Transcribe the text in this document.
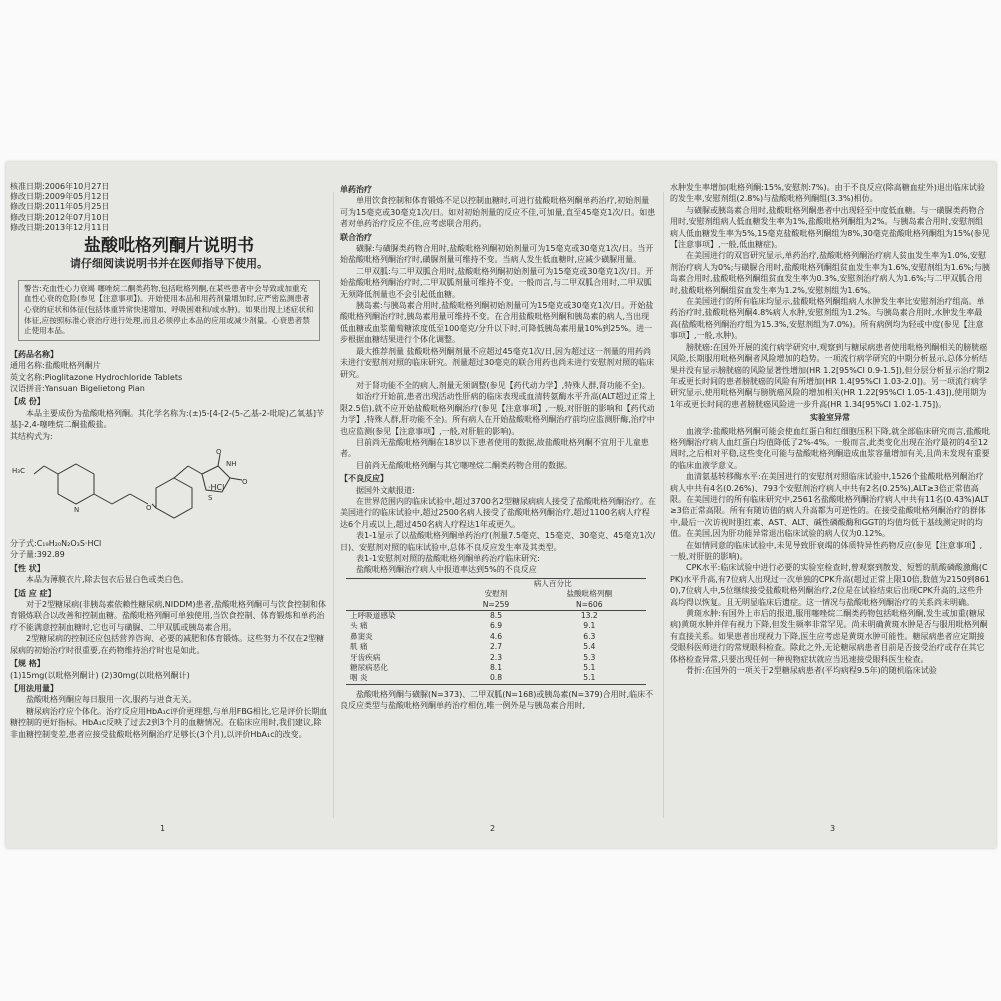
核准日期:2006年10月27日
修改日期:2009年05月12日
修改日期:2011年05月25日
修改日期:2012年07月10日
修改日期:2013年12月11日
盐酸吡格列酮片说明书
请仔细阅读说明书并在医师指导下使用。
警告:充血性心力衰竭 噻唑烷二酮类药物,包括吡格列酮,在某些患者中会导致或加重充血性心衰的危险(参见【注意事项】)。开始使用本品和用药剂量增加时,应严密监测患者心衰的症状和体征(包括体重异常快速增加、呼吸困难和/或水肿)。如果出现上述症状和体征,应按照标准心衰治疗进行处理,而且必须停止本品的应用或减少剂量。心衰患者禁止使用本品。
【药品名称】
通用名称:盐酸吡格列酮片
英文名称:Pioglitazone Hydrochloride Tablets
汉语拼音:Yansuan Bigelietong Pian
【成 份】
本品主要成份为盐酸吡格列酮。其化学名称为:(±)5-[4-[2-(5-乙基-2-吡啶)乙氧基]苄基]-2,4-噻唑烷二酮盐酸盐。
其结构式为:
N	O
S
NH
O
O
H₃C
·HCl
分子式:C₁₉H₂₀N₂O₃S·HCl
分子量:392.89
【性 状】
本品为薄膜衣片,除去包衣后显白色或类白色。
【适 应 症】
对于2型糖尿病(非胰岛素依赖性糖尿病,NIDDM)患者,盐酸吡格列酮可与饮食控制和体育锻炼联合以改善和控制血糖。盐酸吡格列酮可单独使用,当饮食控制、体育锻炼和单药治疗不能满意控制血糖时,它也可与磺脲、二甲双胍或胰岛素合用。
2型糖尿病的控制还应包括营养咨询、必要的减肥和体育锻炼。这些努力不仅在2型糖尿病的初始治疗时很重要,在药物维持治疗时也是如此。
【规 格】
(1)15mg(以吡格列酮计) (2)30mg(以吡格列酮计)
【用法用量】
盐酸吡格列酮应每日服用一次,服药与进食无关。
糖尿病治疗应个体化。治疗反应用HbA₁c评价更理想,与单用FBG相比,它是评价长期血糖控制的更好指标。HbA₁c反映了过去2到3个月的血糖情况。在临床应用时,我们建议,除非血糖控制变差,患者应接受盐酸吡格列酮治疗足够长(3个月),以评价HbA₁c的改变。
1
单药治疗
单用饮食控制和体育锻炼不足以控制血糖时,可进行盐酸吡格列酮单药治疗,初始剂量可为15毫克或30毫克1次/日。如对初始剂量的反应不佳,可加量,直至45毫克1次/日。如患者对单药治疗反应不佳,应考虑联合用药。
联合治疗
磺脲:与磺脲类药物合用时,盐酸吡格列酮初始剂量可为15毫克或30毫克1次/日。当开始盐酸吡格列酮治疗时,磺脲剂量可维持不变。当病人发生低血糖时,应减少磺脲用量。
二甲双胍:与二甲双胍合用时,盐酸吡格列酮初始剂量可为15毫克或30毫克1次/日。开始盐酸吡格列酮治疗时,二甲双胍剂量可维持不变。一般而言,与二甲双胍合用时,二甲双胍无须降低剂量也不会引起低血糖。
胰岛素:与胰岛素合用时,盐酸吡格列酮初始剂量可为15毫克或30毫克1次/日。开始盐酸吡格列酮治疗时,胰岛素用量可维持不变。在合用盐酸吡格列酮和胰岛素的病人,当出现低血糖或血浆葡萄糖浓度低至100毫克/分升以下时,可降低胰岛素用量10%到25%。进一步根据血糖结果进行个体化调整。
最大推荐剂量 盐酸吡格列酮剂量不应超过45毫克1次/日,因为超过这一剂量的用药尚未进行安慰剂对照的临床研究。剂量超过30毫克的联合用药也尚未进行安慰剂对照的临床研究。
对于肾功能不全的病人,剂量无须调整(参见【药代动力学】,特殊人群,肾功能不全)。
如治疗开始前,患者出现活动性肝病的临床表现或血清转氨酶水平升高(ALT超过正常上限2.5倍),就不应开始盐酸吡格列酮治疗(参见【注意事项】,一般,对肝脏的影响和【药代动力学】,特殊人群,肝功能不全)。所有病人在开始盐酸吡格列酮治疗前均应监测肝酶,治疗中也应监测(参见【注意事项】,一般,对肝脏的影响)。
目前尚无盐酸吡格列酮在18岁以下患者使用的数据,故盐酸吡格列酮不宜用于儿童患者。
目前尚无盐酸吡格列酮与其它噻唑烷二酮类药物合用的数据。
【不良反应】
据国外文献报道:
在世界范围内的临床试验中,超过3700名2型糖尿病病人接受了盐酸吡格列酮治疗。在美国进行的临床试验中,超过2500名病人接受了盐酸吡格列酮治疗,超过1100名病人疗程达6个月或以上,超过450名病人疗程达1年或更久。
表1-1显示了以盐酸吡格列酮单药治疗(剂量7.5毫克、15毫克、30毫克、45毫克1次/日)、安慰剂对照的临床试验中,总体不良反应发生率及其类型。
表1-1安慰剂对照的盐酸吡格列酮单药治疗临床研究:
盐酸吡格列酮治疗病人中报道率达到5%的不良反应
	病人百分比	
	安慰剂	盐酸吡格列酮
	N=259	N=606
上呼吸道感染	8.5	13.2
头 痛	6.9	9.1
鼻窦炎	4.6	6.3
肌 痛	2.7	5.4
牙齿疾病	2.3	5.3
糖尿病恶化	8.1	5.1
咽 炎	0.8	5.1
盐酸吡格列酮与磺脲(N=373)、二甲双胍(N=168)或胰岛素(N=379)合用时,临床不良反应类型与盐酸吡格列酮单药治疗相仿,唯一例外是与胰岛素合用时,
2
水肿发生率增加(吡格列酮:15%,安慰剂:7%)。由于不良反应(除高糖血症外)退出临床试验的发生率,安慰剂组(2.8%)与盐酸吡格列酮组(3.3%)相仿。
与磺脲或胰岛素合用时,盐酸吡格列酮患者中出现轻至中度低血糖。与一磺脲类药物合用时,安慰剂组病人低血糖发生率为1%,盐酸吡格列酮组为2%。与胰岛素合用时,安慰剂组病人低血糖发生率为5%,15毫克盐酸吡格列酮组为8%,30毫克盐酸吡格列酮组为15%(参见【注意事项】,一般,低血糖症)。
在美国进行的双盲研究显示,单药治疗,盐酸吡格列酮治疗病人贫血发生率为1.0%,安慰剂治疗病人为0%;与磺脲合用时,盐酸吡格列酮组贫血发生率为1.6%,安慰剂组为1.6%;与胰岛素合用时,盐酸吡格列酮组贫血发生率为0.3%,安慰剂治疗病人为1.6%;与二甲双胍合用时,盐酸吡格列酮组贫血发生率为1.2%,安慰剂组为1.6%。
在美国进行的所有临床均显示,盐酸吡格列酮组病人水肿发生率比安慰剂治疗组高。单药治疗时,盐酸吡格列酮4.8%病人水肿,安慰剂组为1.2%。与胰岛素合用时,水肿发生率最高(盐酸吡格列酮治疗组为15.3%,安慰剂组为7.0%)。所有病例均为轻或中度(参见【注意事项】,一般,水肿)。
膀胱癌:在国外开展的流行病学研究中,观察到与糖尿病患者使用吡格列酮相关的膀胱癌风险,长期服用吡格列酮者风险增加的趋势。一项流行病学研究的中期分析显示,总体分析结果并没有显示膀胱癌的风险显著性增加(HR 1.2[95%CI 0.9-1.5]),但分层分析显示治疗期2年或更长时间的患者膀胱癌的风险有所增加(HR 1.4[95%CI 1.03-2.0])。另一项流行病学研究显示,使用吡格列酮与膀胱癌风险的增加相关(HR 1.22[95%CI 1.05-1.43]),使用期为1年或更长时间的患者膀胱癌风险进一步升高(HR 1.34[95%CI 1.02-1.75])。
实验室异常
血液学:盐酸吡格列酮可能会使血红蛋白和红细胞压积下降,就全部临床研究而言,盐酸吡格列酮治疗病人血红蛋白均值降低了2%-4%。一般而言,此类变化出现在治疗最初的4至12周时,之后相对平稳,这些变化可能与盐酸吡格列酮造成血浆容量增加有关,且尚未发现有重要的临床血液学意义。
血清氨基转移酶水平:在美国进行的安慰剂对照临床试验中,1526个盐酸吡格列酮治疗病人中共有4名(0.26%)、793个安慰剂治疗病人中共有2名(0.25%),ALT≥3倍正常值高限。在美国进行的所有临床研究中,2561名盐酸吡格列酮治疗病人中共有11名(0.43%)ALT≥3倍正常高限。所有有随访值的病人升高都为可逆性的。在接受盐酸吡格列酮治疗的群体中,最后一次访视时胆红素、AST、ALT、碱性磷酸酶和GGT的均值均低于基线测定时的均值。在美国,因为肝功能异常退出临床试验的病人仅为0.12%。
在如情同意的临床试验中,未见导致肝衰竭的体质特异性药物反应(参见【注意事项】,一般,对肝脏的影响)。
CPK水平:临床试验中进行必要的实验室检查时,曾观察到散发、短暂的肌酸磷酸激酶(CPK)水平升高,有7位病人出现过一次单独的CPK升高(超过正常上限10倍,数值为2150到8610),7位病人中,5位继续接受盐酸吡格列酮治疗,2位是在试验结束后出现CPK升高的,这些升高均得以恢复。且无明显临床后遗症。这一情况与盐酸吡格列酮治疗的关系尚未明确。
黄斑水肿:有国外上市后的报道,服用噻唑烷二酮类药物包括吡格列酮,发生或加重(糖尿病)黄斑水肿并伴有视力下降,但发生频率非常罕见。尚未明确黄斑水肿是否与服用吡格列酮有直接关系。如果患者出现视力下降,医生应考虑是黄斑水肿可能性。糖尿病患者应定期接受眼科医师进行的常规眼科检查。除此之外,无论糖尿病患者目前是否接受治疗或存在其它体格检查异常,只要出现任何一种视物症状就应当迅速接受眼科医生检查。
骨折:在国外的一项关于2型糖尿病患者(平均病程9.5年)的随机临床试验
3
